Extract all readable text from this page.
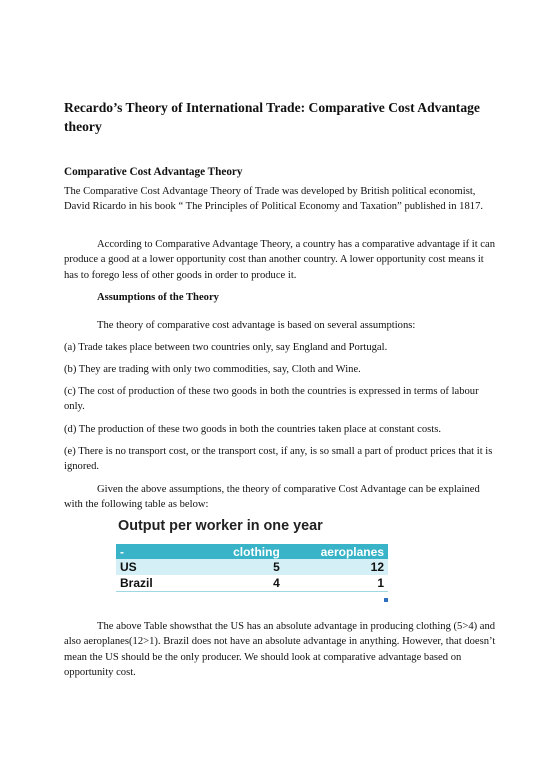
Recardo’s Theory of International Trade: Comparative Cost Advantage theory
Comparative Cost Advantage Theory

The Comparative Cost Advantage Theory of Trade was developed by British political economist, David Ricardo in his book “ The Principles of Political Economy and Taxation” published in 1817.

According to Comparative Advantage Theory, a country has a comparative advantage if it can produce a good at a lower opportunity cost than another country. A lower opportunity cost means it has to forego less of other goods in order to produce it.

Assumptions of the Theory

The theory of comparative cost advantage is based on several assumptions:

(a) Trade takes place between two countries only, say England and Portugal.

(b) They are trading with only two commodities, say, Cloth and Wine.

(c) The cost of production of these two goods in both the countries is expressed in terms of labour only.

(d) The production of these two goods in both the countries taken place at constant costs.

(e) There is no transport cost, or the transport cost, if any, is so small a part of product prices that it is ignored.

Given the above assumptions, the theory of comparative Cost Advantage can be explained with the following table as below:

Output per worker in one year
-	clothing	aeroplanes
US	5	12
Brazil	4	1

The above Table showsthat the US has an absolute advantage in producing clothing (5>4) and also aeroplanes(12>1). Brazil does not have an absolute advantage in anything. However, that doesn’t mean the US should be the only producer. We should look at comparative advantage based on opportunity cost.
